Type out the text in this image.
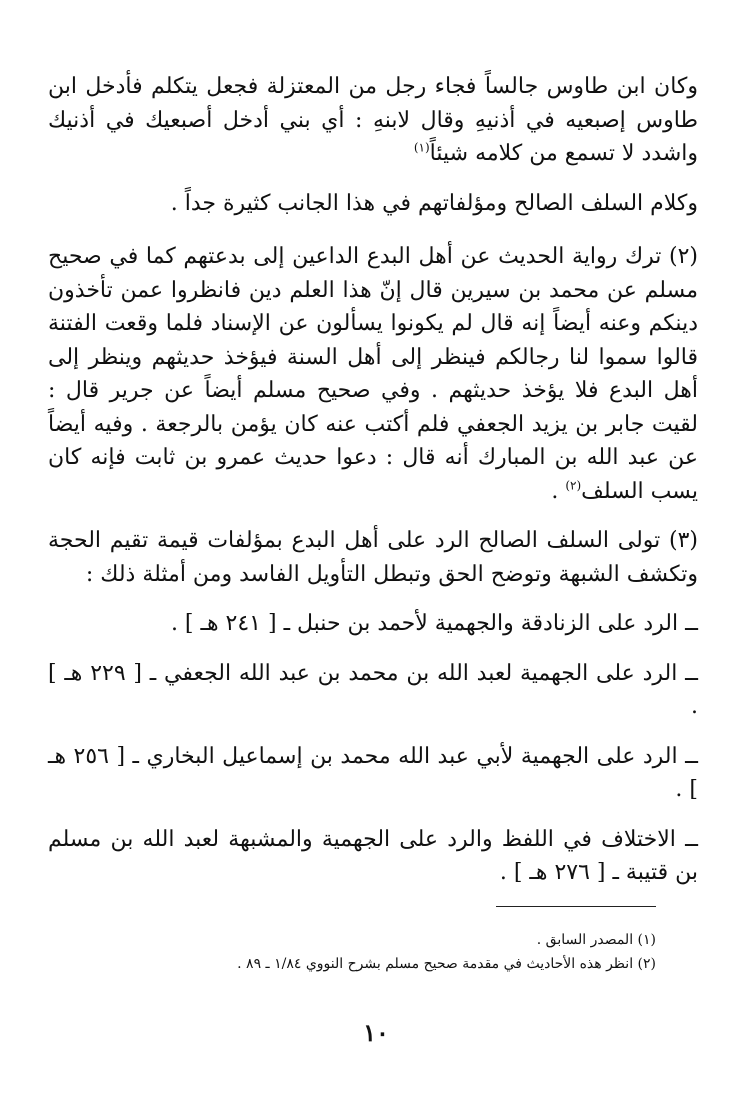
وكان ابن طاوس جالساً فجاء رجل من المعتزلة فجعل يتكلم فأدخل ابن طاوس إصبعيه في أذنيهِ وقال لابنهِ : أي بني أدخل أصبعيك في أذنيك واشدد لا تسمع من كلامه شيئاً$^{(١)}$

وكلام السلف الصالح ومؤلفاتهم في هذا الجانب كثيرة جداً .

(٢) ترك رواية الحديث عن أهل البدع الداعين إلى بدعتهم كما في صحيح مسلم عن محمد بن سيرين قال إنّ هذا العلم دين فانظروا عمن تأخذون دينكم وعنه أيضاً إنه قال لم يكونوا يسألون عن الإسناد فلما وقعت الفتنة قالوا سموا لنا رجالكم فينظر إلى أهل السنة فيؤخذ حديثهم وينظر إلى أهل البدع فلا يؤخذ حديثهم . وفي صحيح مسلم أيضاً عن جرير قال : لقيت جابر بن يزيد الجعفي فلم أكتب عنه كان يؤمن بالرجعة . وفيه أيضاً عن عبد الله بن المبارك أنه قال : دعوا حديث عمرو بن ثابت فإنه كان يسب السلف$^{(٢)}$ .

(٣) تولى السلف الصالح الرد على أهل البدع بمؤلفات قيمة تقيم الحجة وتكشف الشبهة وتوضح الحق وتبطل التأويل الفاسد ومن أمثلة ذلك :

ــ الرد على الزنادقة والجهمية لأحمد بن حنبل ـ [ ٢٤١ هـ ] .

ــ الرد على الجهمية لعبد الله بن محمد بن عبد الله الجعفي ـ [ ٢٢٩ هـ ] .

ــ الرد على الجهمية لأبي عبد الله محمد بن إسماعيل البخاري ـ [ ٢٥٦ هـ ] .

ــ الاختلاف في اللفظ والرد على الجهمية والمشبهة لعبد الله بن مسلم بن قتيبة ـ [ ٢٧٦ هـ ] .

(١) المصدر السابق .

(٢) انظر هذه الأحاديث في مقدمة صحيح مسلم بشرح النووي ١/٨٤ ـ ٨٩ .

١٠
